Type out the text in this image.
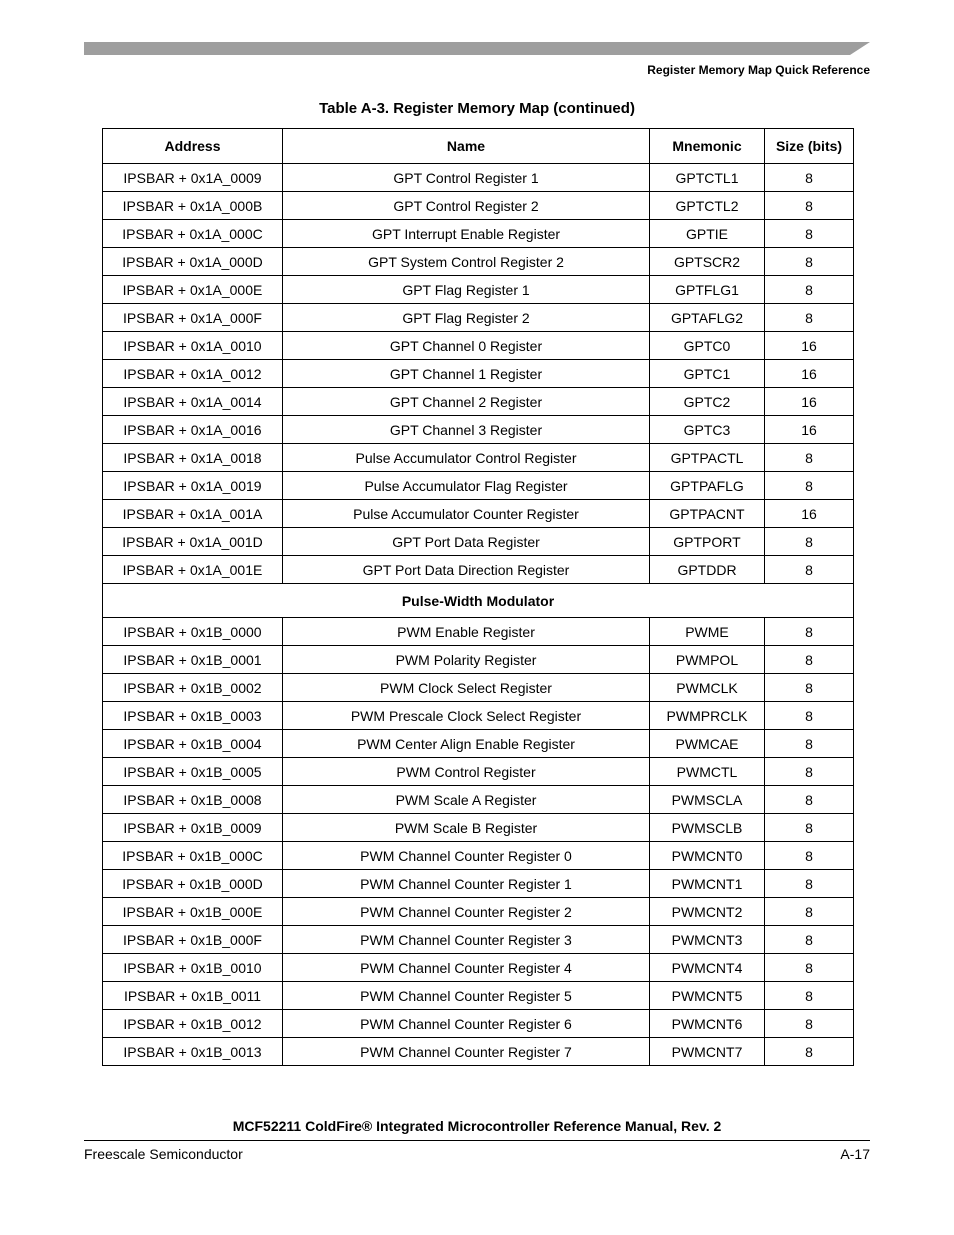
Register Memory Map Quick Reference
Table A-3. Register Memory Map (continued)
Address	Name	Mnemonic	Size (bits)
IPSBAR + 0x1A_0009	GPT Control Register 1	GPTCTL1	8
IPSBAR + 0x1A_000B	GPT Control Register 2	GPTCTL2	8
IPSBAR + 0x1A_000C	GPT Interrupt Enable Register	GPTIE	8
IPSBAR + 0x1A_000D	GPT System Control Register 2	GPTSCR2	8
IPSBAR + 0x1A_000E	GPT Flag Register 1	GPTFLG1	8
IPSBAR + 0x1A_000F	GPT Flag Register 2	GPTAFLG2	8
IPSBAR + 0x1A_0010	GPT Channel 0 Register	GPTC0	16
IPSBAR + 0x1A_0012	GPT Channel 1 Register	GPTC1	16
IPSBAR + 0x1A_0014	GPT Channel 2 Register	GPTC2	16
IPSBAR + 0x1A_0016	GPT Channel 3 Register	GPTC3	16
IPSBAR + 0x1A_0018	Pulse Accumulator Control Register	GPTPACTL	8
IPSBAR + 0x1A_0019	Pulse Accumulator Flag Register	GPTPAFLG	8
IPSBAR + 0x1A_001A	Pulse Accumulator Counter Register	GPTPACNT	16
IPSBAR + 0x1A_001D	GPT Port Data Register	GPTPORT	8
IPSBAR + 0x1A_001E	GPT Port Data Direction Register	GPTDDR	8
Pulse-Width Modulator			
IPSBAR + 0x1B_0000	PWM Enable Register	PWME	8
IPSBAR + 0x1B_0001	PWM Polarity Register	PWMPOL	8
IPSBAR + 0x1B_0002	PWM Clock Select Register	PWMCLK	8
IPSBAR + 0x1B_0003	PWM Prescale Clock Select Register	PWMPRCLK	8
IPSBAR + 0x1B_0004	PWM Center Align Enable Register	PWMCAE	8
IPSBAR + 0x1B_0005	PWM Control Register	PWMCTL	8
IPSBAR + 0x1B_0008	PWM Scale A Register	PWMSCLA	8
IPSBAR + 0x1B_0009	PWM Scale B Register	PWMSCLB	8
IPSBAR + 0x1B_000C	PWM Channel Counter Register 0	PWMCNT0	8
IPSBAR + 0x1B_000D	PWM Channel Counter Register 1	PWMCNT1	8
IPSBAR + 0x1B_000E	PWM Channel Counter Register 2	PWMCNT2	8
IPSBAR + 0x1B_000F	PWM Channel Counter Register 3	PWMCNT3	8
IPSBAR + 0x1B_0010	PWM Channel Counter Register 4	PWMCNT4	8
IPSBAR + 0x1B_0011	PWM Channel Counter Register 5	PWMCNT5	8
IPSBAR + 0x1B_0012	PWM Channel Counter Register 6	PWMCNT6	8
IPSBAR + 0x1B_0013	PWM Channel Counter Register 7	PWMCNT7	8
MCF52211 ColdFire® Integrated Microcontroller Reference Manual, Rev. 2
Freescale Semiconductor	A-17
